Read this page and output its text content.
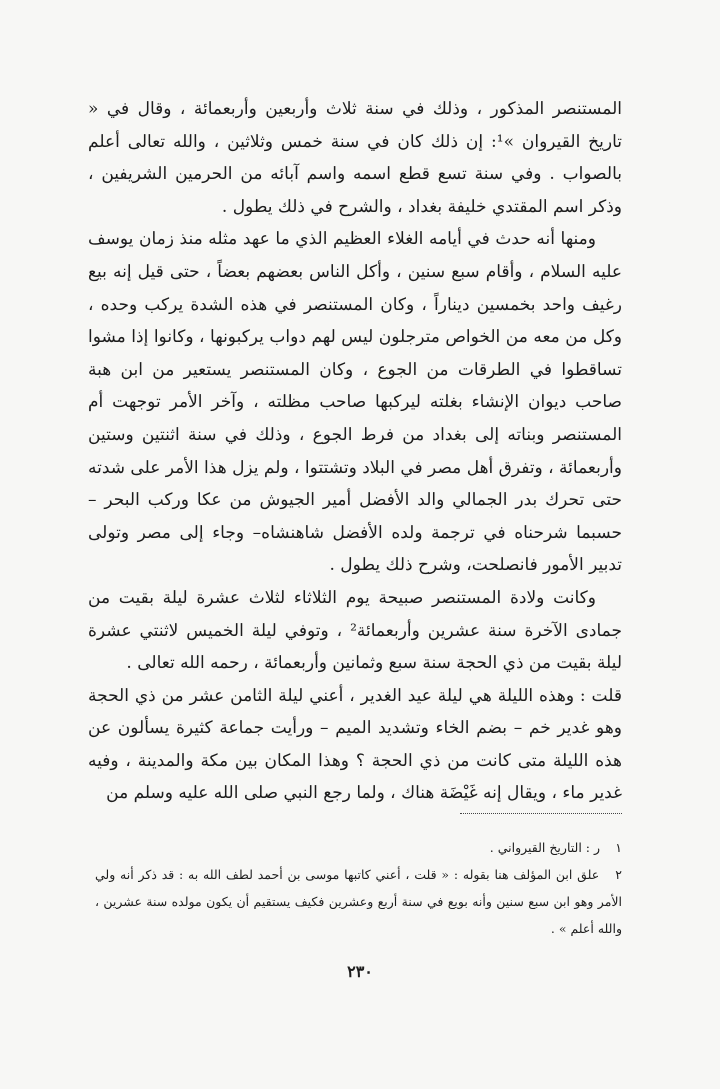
المستنصر المذكور ، وذلك في سنة ثلاث وأربعين وأربعمائة ، وقال في « تاريخ القيروان »¹: إن ذلك كان في سنة خمس وثلاثين ، والله تعالى أعلم بالصواب . وفي سنة تسع قطع اسمه واسم آبائه من الحرمين الشريفين ، وذكر اسم المقتدي خليفة بغداد ، والشرح في ذلك يطول .

ومنها أنه حدث في أيامه الغلاء العظيم الذي ما عهد مثله منذ زمان يوسف عليه السلام ، وأقام سبع سنين ، وأكل الناس بعضهم بعضاً ، حتى قيل إنه بيع رغيف واحد بخمسين ديناراً ، وكان المستنصر في هذه الشدة يركب وحده ، وكل من معه من الخواص مترجلون ليس لهم دواب يركبونها ، وكانوا إذا مشوا تساقطوا في الطرقات من الجوع ، وكان المستنصر يستعير من ابن هبة صاحب ديوان الإنشاء بغلته ليركبها صاحب مظلته ، وآخر الأمر توجهت أم المستنصر وبناته إلى بغداد من فرط الجوع ، وذلك في سنة اثنتين وستين وأربعمائة ، وتفرق أهل مصر في البلاد وتشتتوا ، ولم يزل هذا الأمر على شدته حتى تحرك بدر الجمالي والد الأفضل أمير الجيوش من عكا وركب البحر – حسبما شرحناه في ترجمة ولده الأفضل شاهنشاه– وجاء إلى مصر وتولى تدبير الأمور فانصلحت، وشرح ذلك يطول .

وكانت ولادة المستنصر صبيحة يوم الثلاثاء لثلاث عشرة ليلة بقيت من جمادى الآخرة سنة عشرين وأربعمائة² ، وتوفي ليلة الخميس لاثنتي عشرة ليلة بقيت من ذي الحجة سنة سبع وثمانين وأربعمائة ، رحمه الله تعالى .

قلت : وهذه الليلة هي ليلة عيد الغدير ، أعني ليلة الثامن عشر من ذي الحجة وهو غدير خم – بضم الخاء وتشديد الميم – ورأيت جماعة كثيرة يسألون عن هذه الليلة متى كانت من ذي الحجة ؟ وهذا المكان بين مكة والمدينة ، وفيه غدير ماء ، ويقال إنه غَيْضَة هناك ، ولما رجع النبي صلى الله عليه وسلم من

١ ر : التاريخ القيرواني .

٢ علق ابن المؤلف هنا بقوله : « قلت ، أعني كاتبها موسى بن أحمد لطف الله به : قد ذكر أنه ولي الأمر وهو ابن سبع سنين وأنه بويع في سنة أربع وعشرين فكيف يستقيم أن يكون مولده سنة عشرين ، والله أعلم » .

٢٣٠
